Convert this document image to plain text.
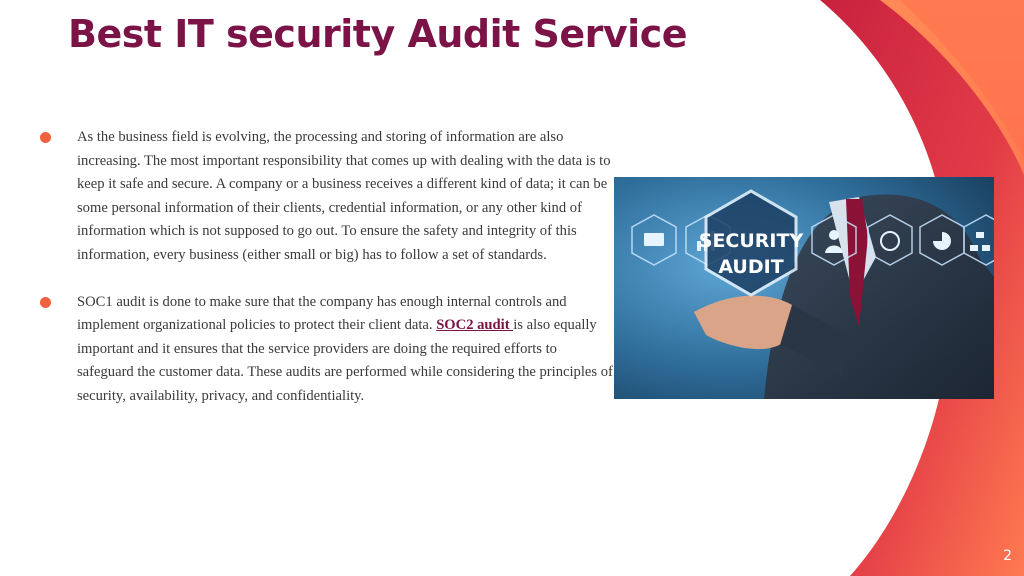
Best IT security Audit Service

As the business field is evolving, the processing and storing of information are also increasing. The most important responsibility that comes up with dealing with the data is to keep it safe and secure. A company or a business receives a different kind of data; it can be some personal information of their clients, credential information, or any other kind of information which is not supposed to go out. To ensure the safety and integrity of this information, every business (either small or big) has to follow a set of standards.

SOC1 audit is done to make sure that the company has enough internal controls and implement organizational policies to protect their client data. SOC2 audit is also equally important and it ensures that the service providers are doing the required efforts to safeguard the customer data. These audits are performed while considering the principles of security, availability, privacy, and confidentiality.

SECURITY
AUDIT
2
